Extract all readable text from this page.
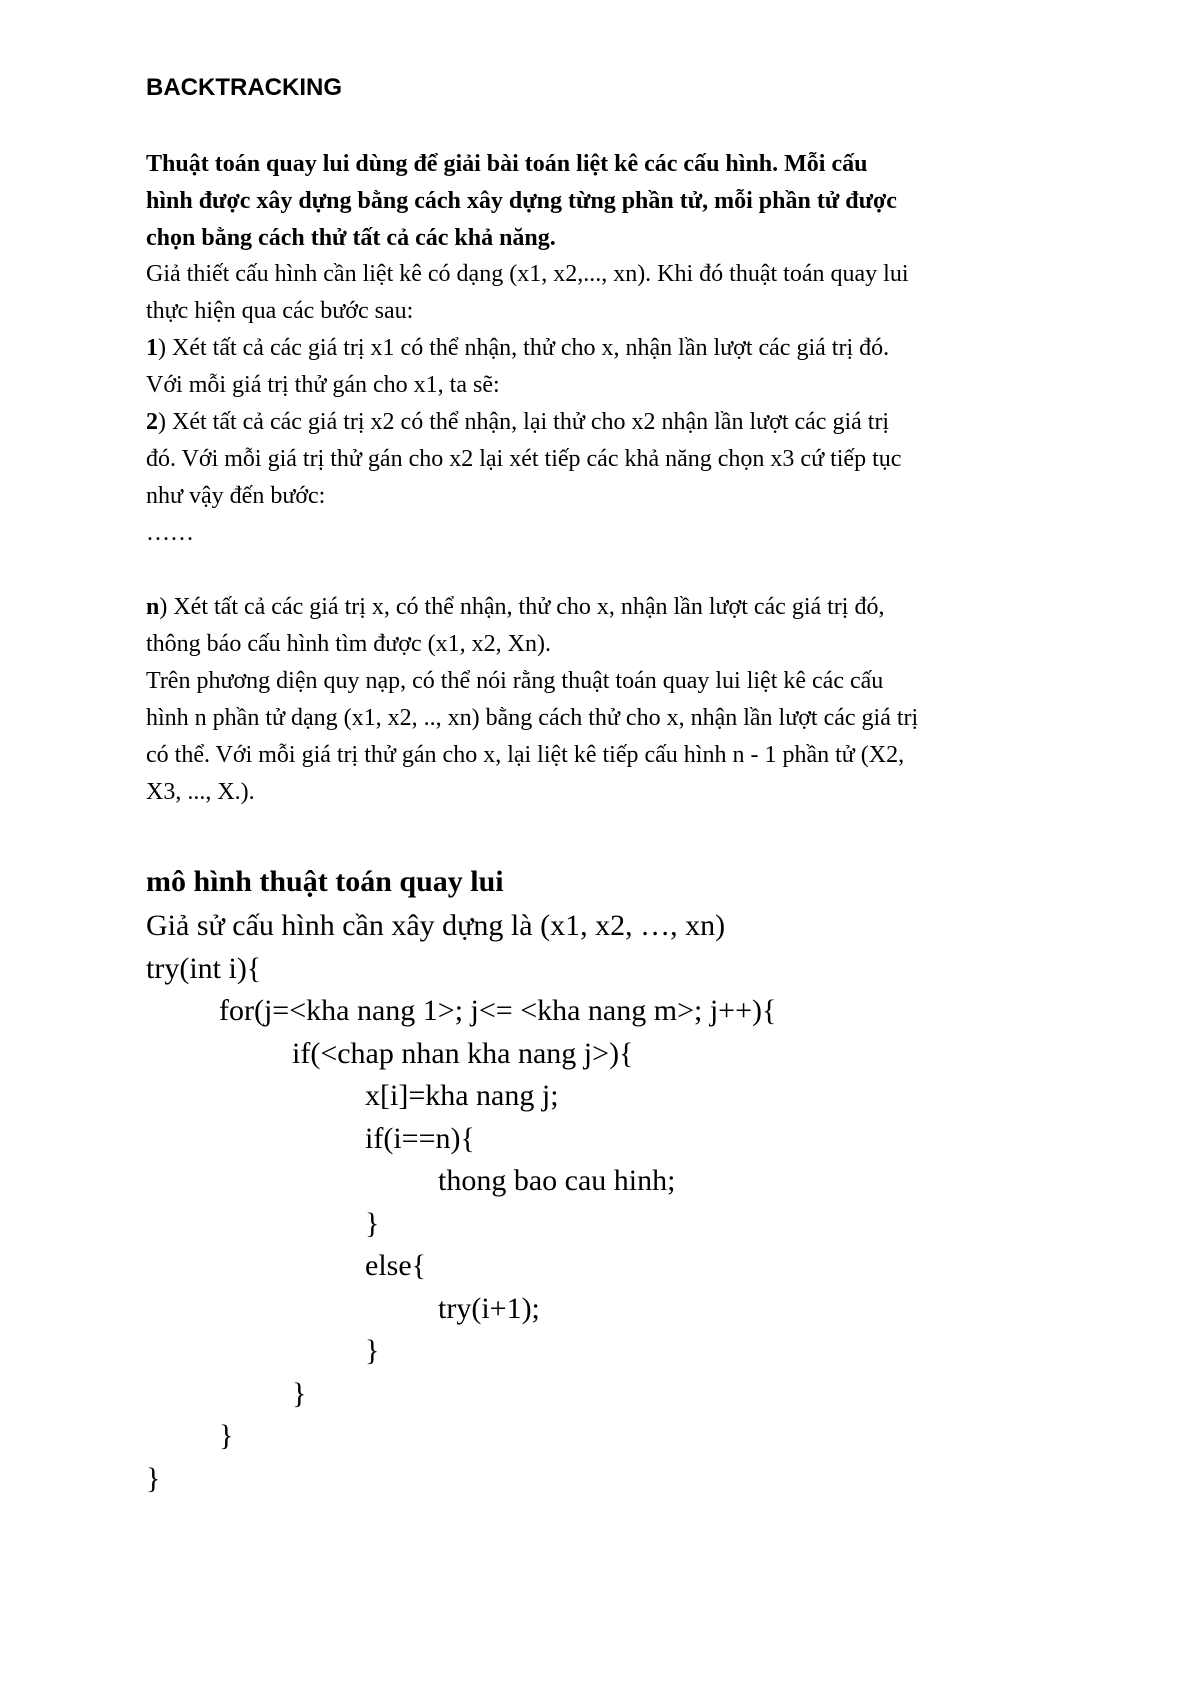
BACKTRACKING
Thuật toán quay lui dùng để giải bài toán liệt kê các cấu hình. Mỗi cấu
hình được xây dựng bằng cách xây dựng từng phần tử, mỗi phần tử được
chọn bằng cách thử tất cả các khả năng.
Giả thiết cấu hình cần liệt kê có dạng (x1, x2,..., xn). Khi đó thuật toán quay lui
thực hiện qua các bước sau:
1) Xét tất cả các giá trị x1 có thể nhận, thử cho x, nhận lần lượt các giá trị đó.
Với mỗi giá trị thử gán cho x1, ta sẽ:
2) Xét tất cả các giá trị x2 có thể nhận, lại thử cho x2 nhận lần lượt các giá trị
đó. Với mỗi giá trị thử gán cho x2 lại xét tiếp các khả năng chọn x3 cứ tiếp tục
như vậy đến bước:
……
n) Xét tất cả các giá trị x, có thể nhận, thử cho x, nhận lần lượt các giá trị đó,
thông báo cấu hình tìm được (x1, x2, Xn).
Trên phương diện quy nạp, có thể nói rằng thuật toán quay lui liệt kê các cấu
hình n phần tử dạng (x1, x2, .., xn) bằng cách thử cho x, nhận lần lượt các giá trị
có thể. Với mỗi giá trị thử gán cho x, lại liệt kê tiếp cấu hình n - 1 phần tử (X2,
X3, ..., X.).
mô hình thuật toán quay lui
Giả sử cấu hình cần xây dựng là (x1, x2, …, xn)
try(int i){
for(j=<kha nang 1>; j<= <kha nang m>; j++){
if(<chap nhan kha nang j>){
x[i]=kha nang j;
if(i==n){
thong bao cau hinh;
}
else{
try(i+1);
}
}
}
}
